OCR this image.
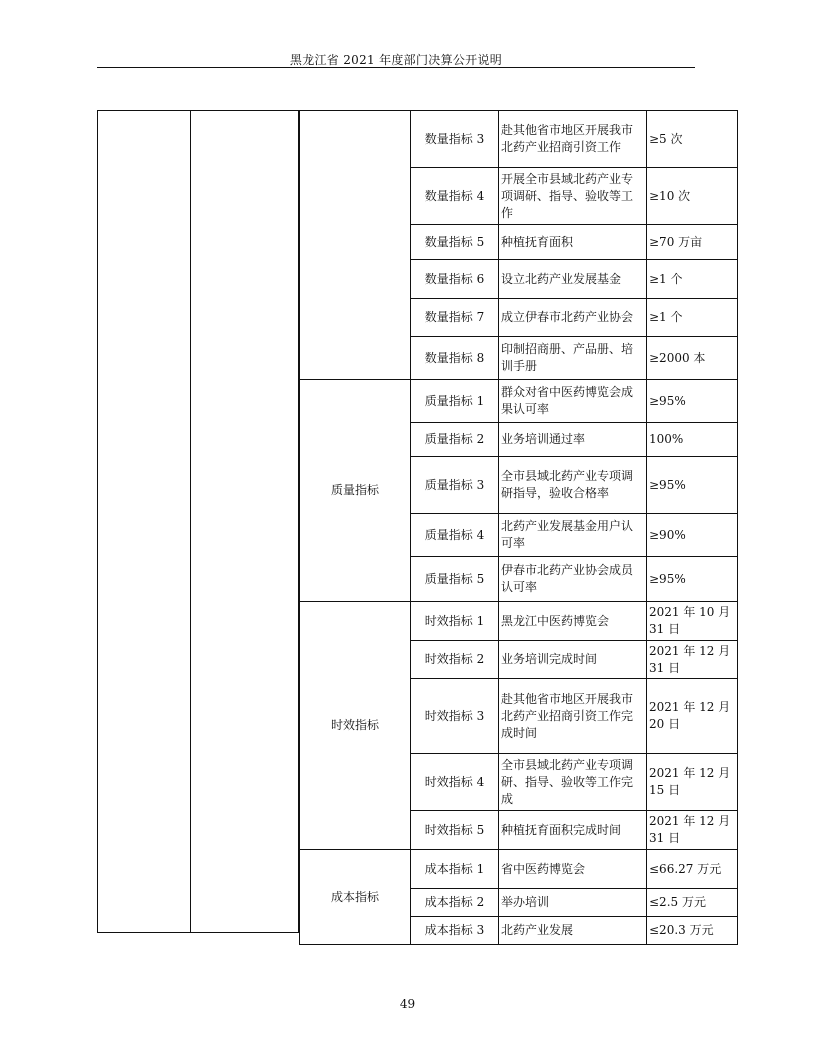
黑龙江省 2021 年度部门决算公开说明
	数量指标 3	赴其他省市地区开展我市北药产业招商引资工作	≥5 次
	数量指标 4	开展全市县域北药产业专项调研、指导、验收等工作	≥10 次
	数量指标 5	种植抚育面积	≥70 万亩
	数量指标 6	设立北药产业发展基金	≥1 个
	数量指标 7	成立伊春市北药产业协会	≥1 个
	数量指标 8	印制招商册、产品册、培训手册	≥2000 本
质量指标	质量指标 1	群众对省中医药博览会成果认可率	≥95%
	质量指标 2	业务培训通过率	100%
	质量指标 3	全市县域北药产业专项调研指导，验收合格率	≥95%
	质量指标 4	北药产业发展基金用户认可率	≥90%
	质量指标 5	伊春市北药产业协会成员认可率	≥95%
时效指标	时效指标 1	黑龙江中医药博览会	2021 年 10 月 31 日
	时效指标 2	业务培训完成时间	2021 年 12 月 31 日
	时效指标 3	赴其他省市地区开展我市北药产业招商引资工作完成时间	2021 年 12 月 20 日
	时效指标 4	全市县域北药产业专项调研、指导、验收等工作完成	2021 年 12 月 15 日
	时效指标 5	种植抚育面积完成时间	2021 年 12 月 31 日
成本指标	成本指标 1	省中医药博览会	≤66.27 万元
	成本指标 2	举办培训	≤2.5 万元
	成本指标 3	北药产业发展	≤20.3 万元
49
